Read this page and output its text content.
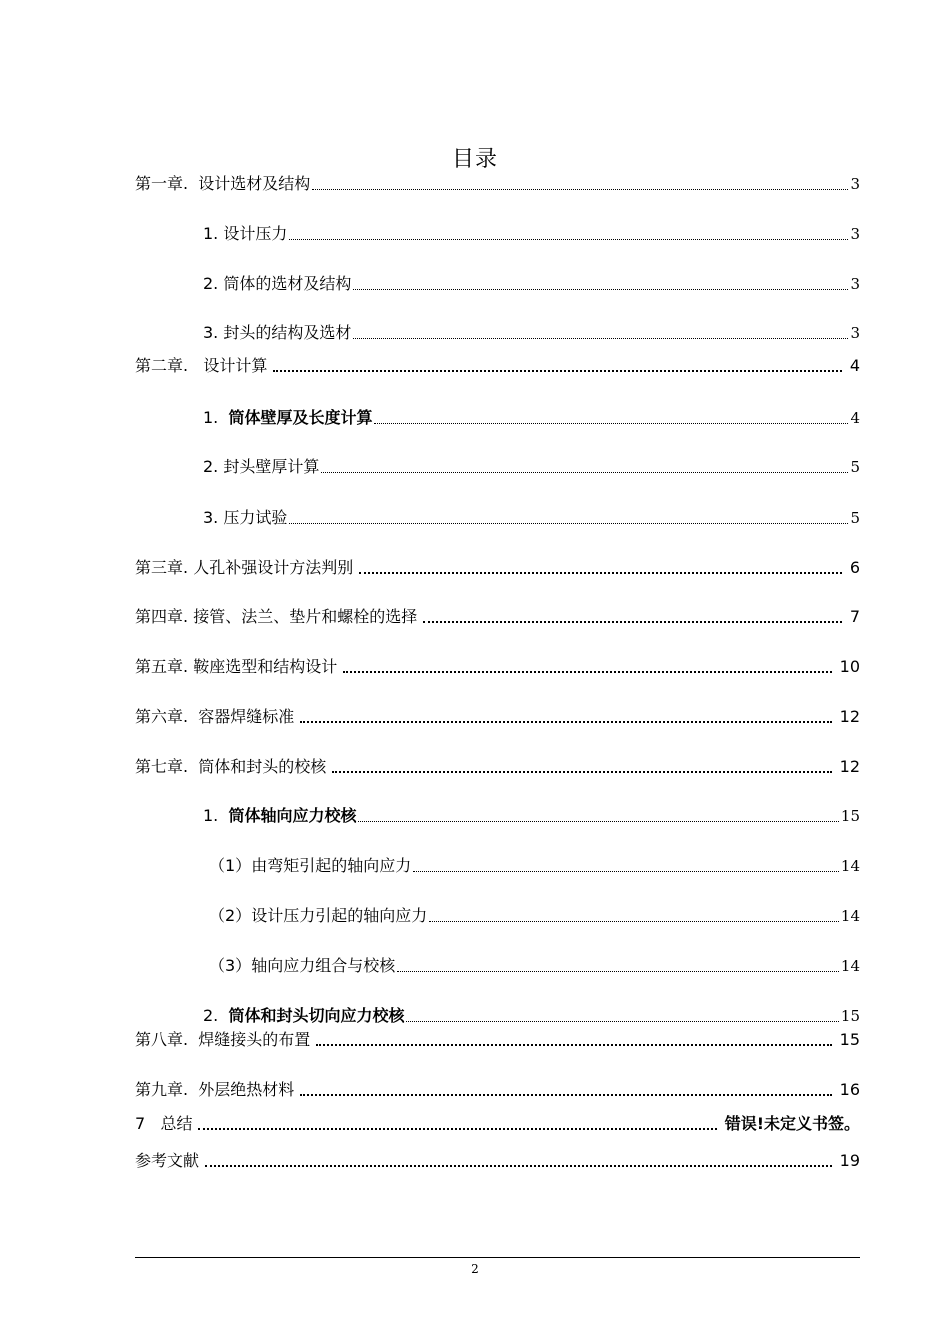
目录
第一章. 设计选材及结构	3
1. 设计压力	3
2. 筒体的选材及结构	3
3. 封头的结构及选材	3
第二章. 设计计算	4
1. 筒体壁厚及长度计算	4
2. 封头壁厚计算	5
3. 压力试验	5
第三章. 人孔补强设计方法判别	6
第四章. 接管、法兰、垫片和螺栓的选择	7
第五章. 鞍座选型和结构设计	10
第六章. 容器焊缝标准	12
第七章. 筒体和封头的校核	12
1. 筒体轴向应力校核	15
（1） 由弯矩引起的轴向应力	14
（2） 设计压力引起的轴向应力	14
（3） 轴向应力组合与校核	14
2. 筒体和封头切向应力校核	15
第八章. 焊缝接头的布置	15
第九章. 外层绝热材料	16
7 总结	错误!未定义书签。
参考文献	19
2
